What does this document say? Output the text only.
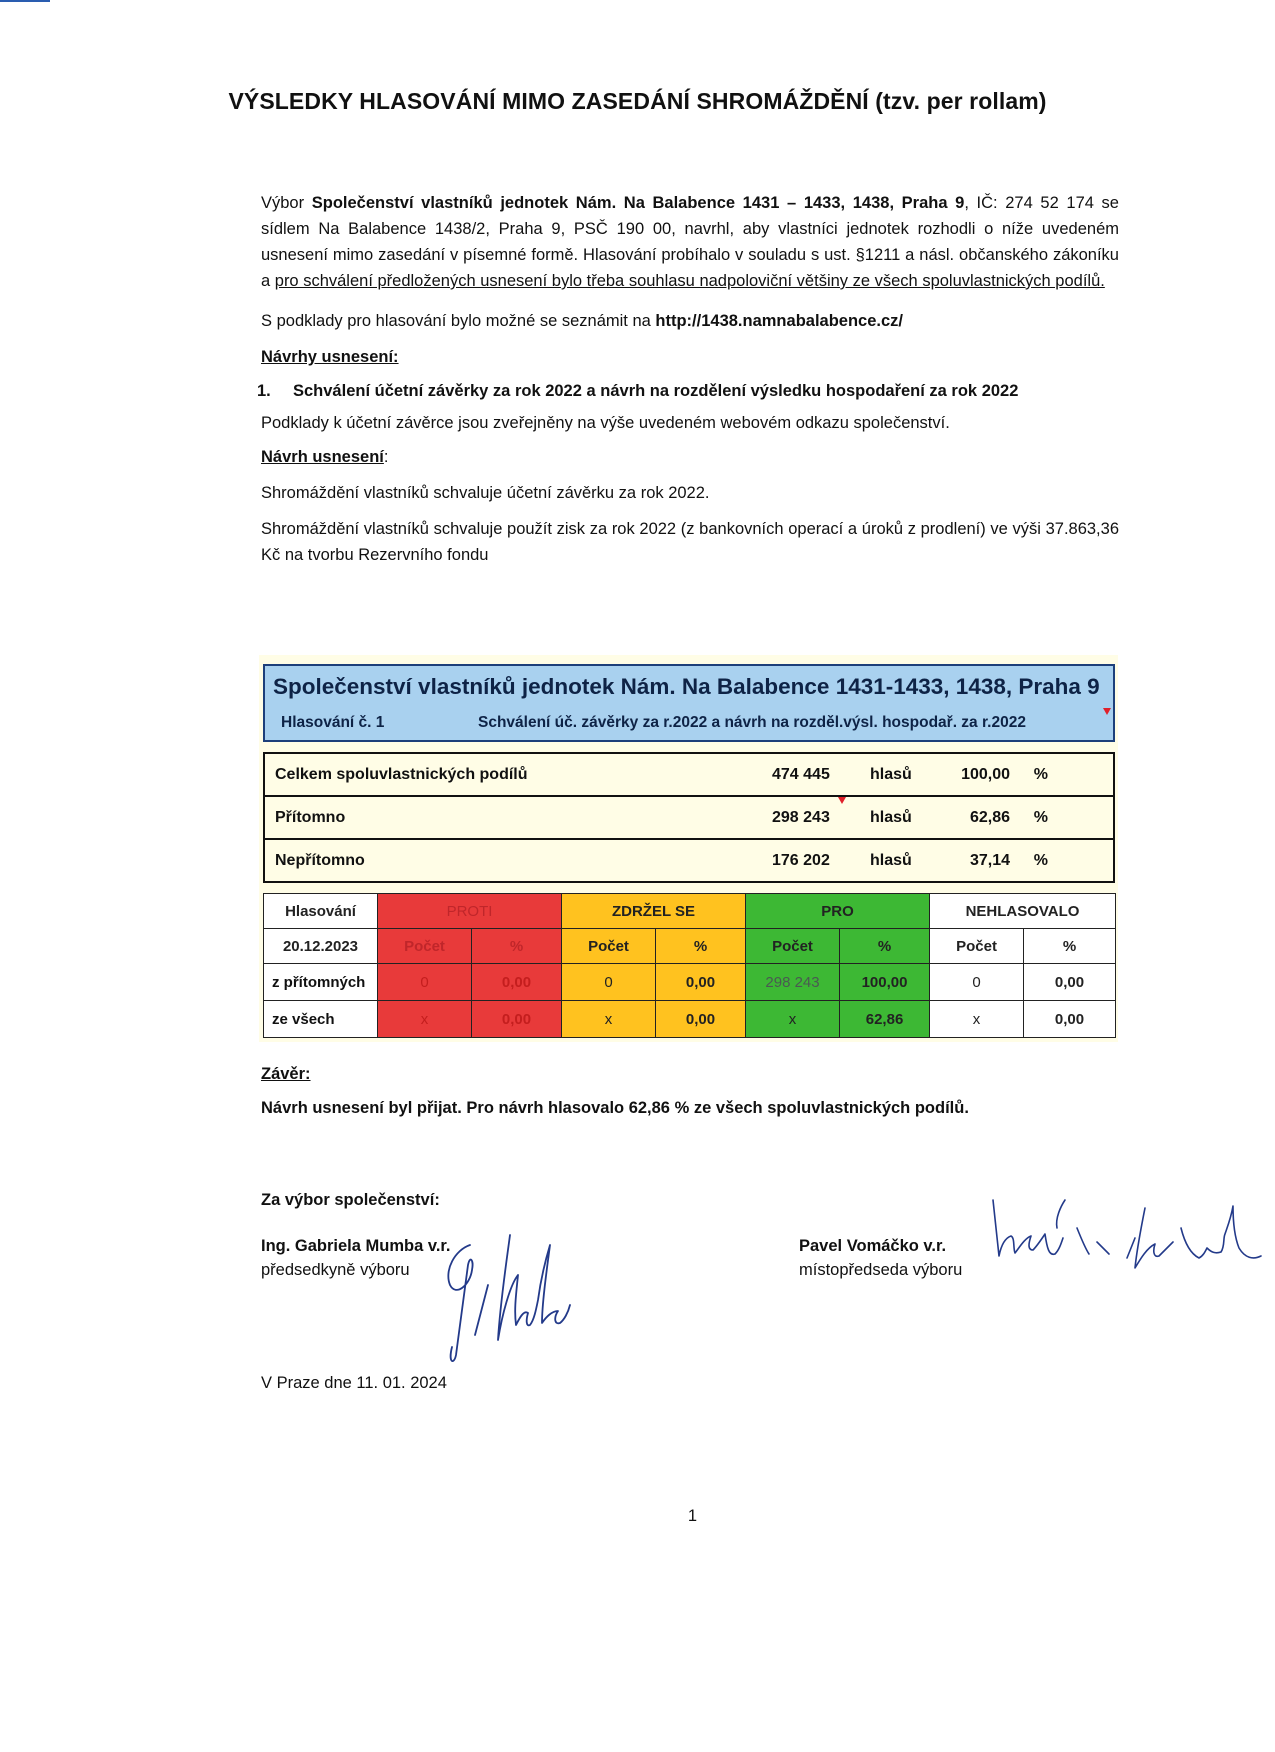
VÝSLEDKY HLASOVÁNÍ MIMO ZASEDÁNÍ SHROMÁŽDĚNÍ (tzv. per rollam)

Výbor Společenství vlastníků jednotek Nám. Na Balabence 1431 – 1433, 1438, Praha 9, IČ: 274 52 174 se sídlem Na Balabence 1438/2, Praha 9, PSČ 190 00, navrhl, aby vlastníci jednotek rozhodli o níže uvedeném usnesení mimo zasedání v písemné formě. Hlasování probíhalo v souladu s ust. §1211 a násl. občanského zákoníku a pro schválení předložených usnesení bylo třeba souhlasu nadpoloviční většiny ze všech spoluvlastnických podílů.

S podklady pro hlasování bylo možné se seznámit na http://1438.namnabalabence.cz/

Návrhy usnesení:

1. Schválení účetní závěrky za rok 2022 a návrh na rozdělení výsledku hospodaření za rok 2022

Podklady k účetní závěrce jsou zveřejněny na výše uvedeném webovém odkazu společenství.

Návrh usnesení:

Shromáždění vlastníků schvaluje účetní závěrku za rok 2022.

Shromáždění vlastníků schvaluje použít zisk za rok 2022 (z bankovních operací a úroků z prodlení) ve výši 37.863,36 Kč na tvorbu Rezervního fondu

Společenství vlastníků jednotek Nám. Na Balabence 1431-1433, 1438, Praha 9
Hlasování č. 1	Schválení úč. závěrky za r.2022 a návrh na rozděl.výsl. hospodař. za r.2022
Celkem spoluvlastnických podílů	474 445	hlasů	100,00	%

Přítomno	298 243	hlasů	62,86	%

Nepřítomno	176 202	hlasů	37,14	%
Hlasování	PROTI		ZDRŽEL SE		PRO		NEHLASOVALO	
20.12.2023	Počet	%	Počet	%	Počet	%	Počet	%
z přítomných	0	0,00	0	0,00	298 243	100,00	0	0,00
ze všech	x	0,00	x	0,00	x	62,86	x	0,00
Závěr:
Návrh usnesení byl přijat. Pro návrh hlasovalo 62,86 % ze všech spoluvlastnických podílů.
Za výbor společenství:
Ing. Gabriela Mumba v.r.
předsedkyně výboru
Pavel Vomáčko v.r.
místopředseda výboru
V Praze dne 11. 01. 2024
1
